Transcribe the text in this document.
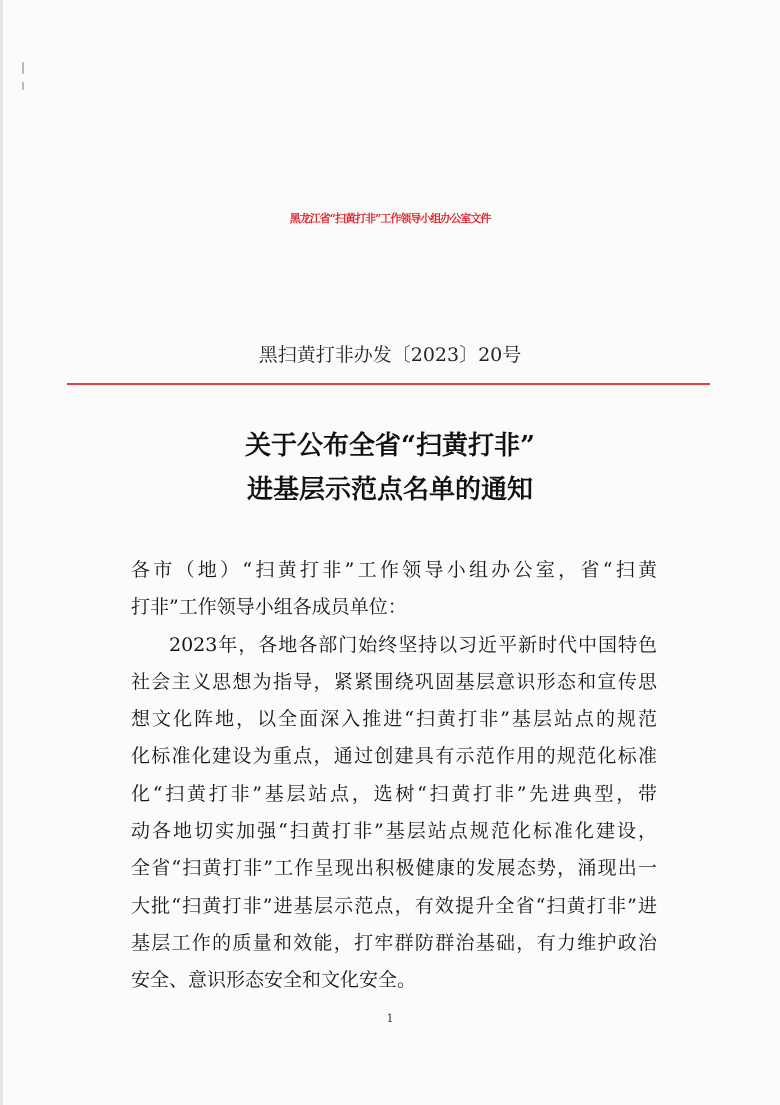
黑龙江省“扫黄打非”工作领导小组办公室文件
黑扫黄打非办发〔2023〕20号
关于公布全省“扫黄打非”
进基层示范点名单的通知

各市（地）“扫黄打非”工作领导小组办公室，省“扫黄
打非”工作领导小组各成员单位：

2023年，各地各部门始终坚持以习近平新时代中国特色
社会主义思想为指导，紧紧围绕巩固基层意识形态和宣传思
想文化阵地，以全面深入推进“扫黄打非”基层站点的规范
化标准化建设为重点，通过创建具有示范作用的规范化标准
化“扫黄打非”基层站点，选树“扫黄打非”先进典型，带
动各地切实加强“扫黄打非”基层站点规范化标准化建设，
全省“扫黄打非”工作呈现出积极健康的发展态势，涌现出一
大批“扫黄打非”进基层示范点，有效提升全省“扫黄打非”进
基层工作的质量和效能，打牢群防群治基础，有力维护政治
安全、意识形态安全和文化安全。

1
